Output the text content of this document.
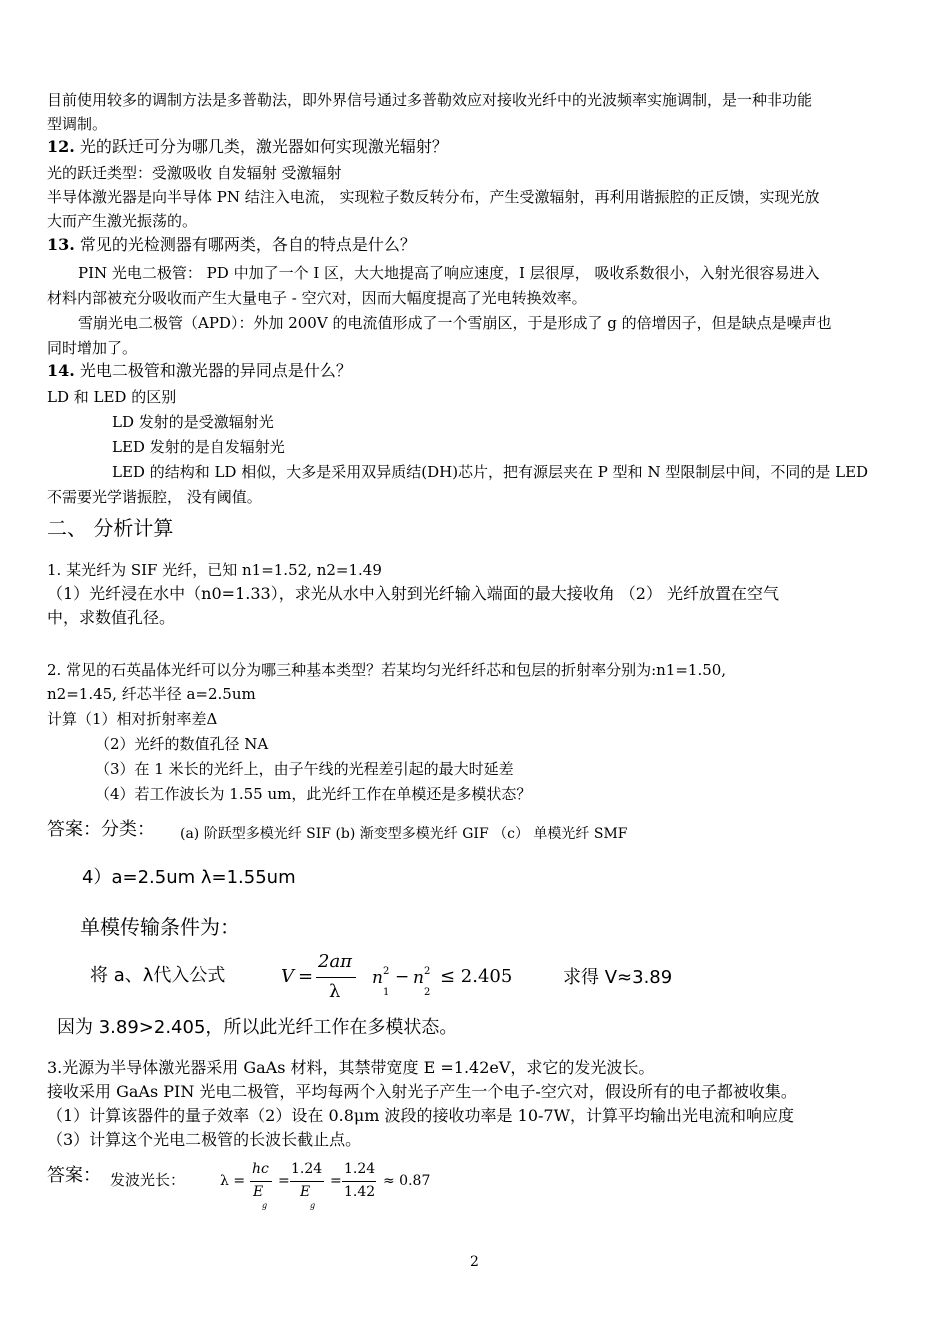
目前使用较多的调制方法是多普勒法，即外界信号通过多普勒效应对接收光纤中的光波频率实施调制，是一种非功能
型调制。
12. 光的跃迁可分为哪几类，激光器如何实现激光辐射？
光的跃迁类型：受激吸收 自发辐射 受激辐射
半导体激光器是向半导体 PN 结注入电流， 实现粒子数反转分布，产生受激辐射，再利用谐振腔的正反馈，实现光放
大而产生激光振荡的。
13. 常见的光检测器有哪两类，各自的特点是什么？
PIN 光电二极管： PD 中加了一个 I 区，大大地提高了响应速度，I 层很厚， 吸收系数很小，入射光很容易进入
材料内部被充分吸收而产生大量电子 - 空穴对，因而大幅度提高了光电转换效率。
雪崩光电二极管（APD）：外加 200V 的电流值形成了一个雪崩区，于是形成了 g 的倍增因子，但是缺点是噪声也
同时增加了。
14. 光电二极管和激光器的异同点是什么？
LD 和 LED 的区别
LD 发射的是受激辐射光
LED 发射的是自发辐射光
LED 的结构和 LD 相似，大多是采用双异质结(DH)芯片，把有源层夹在 P 型和 N 型限制层中间，不同的是 LED
不需要光学谐振腔， 没有阈值。
二、 分析计算
1. 某光纤为 SIF 光纤，已知 n1=1.52, n2=1.49
（1）光纤浸在水中（n0=1.33），求光从水中入射到光纤输入端面的最大接收角 （2） 光纤放置在空气
中，求数值孔径。
2. 常见的石英晶体光纤可以分为哪三种基本类型？若某均匀光纤纤芯和包层的折射率分别为:n1=1.50,
n2=1.45, 纤芯半径 a=2.5um
计算（1）相对折射率差Δ
（2）光纤的数值孔径 NA
（3）在 1 米长的光纤上，由子午线的光程差引起的最大时延差
（4）若工作波长为 1.55 um，此光纤工作在单模还是多模状态？
答案：分类： (a) 阶跃型多模光纤 SIF (b) 渐变型多模光纤 GIF （c） 单模光纤 SMF
4）a=2.5um λ=1.55um
单模传输条件为：
将 a、λ代入公式	V =
2aπ
λ
n 2
1
− n 2
2
≤ 2.405	求得 V≈3.89
因为 3.89>2.405，所以此光纤工作在多模状态。
3.光源为半导体激光器采用 GaAs 材料，其禁带宽度 E =1.42eV，求它的发光波长。
接收采用 GaAs PIN 光电二极管，平均每两个入射光子产生一个电子-空穴对，假设所有的电子都被收集。
（1）计算该器件的量子效率（2）设在 0.8μm 波段的接收功率是 10-7W，计算平均输出光电流和响应度
（3）计算这个光电二极管的长波长截止点。
答案： 发波光长： λ =
hc
E
g
=
1.24
E
g
=
1.24
1.42
≈ 0.87
2
